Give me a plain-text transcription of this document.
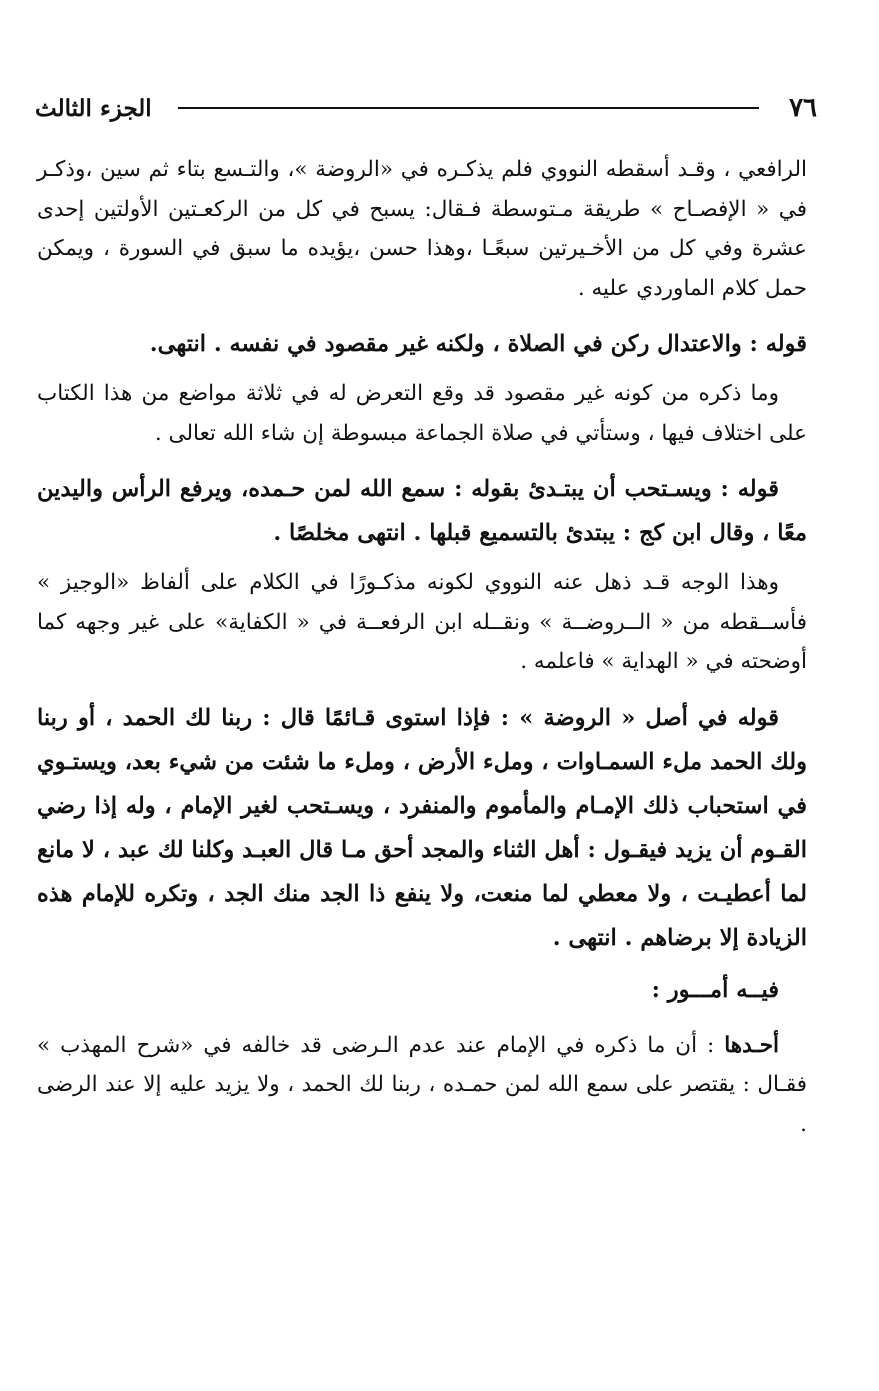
٧٦
الجزء الثالث

الرافعي ، وقـد أسقطه النووي فلم يذكـره في «الروضة »، والتـسع بتاء ثم سين ،وذكـر في « الإفصـاح » طريقة مـتوسطة فـقال: يسبح في كل من الركعـتين الأولتين إحدى عشرة وفي كل من الأخـيرتين سبعًـا ،وهذا حسن ،يؤيده ما سبق في السورة ، ويمكن حمل كلام الماوردي عليه .

قوله : والاعتدال ركن في الصلاة ، ولكنه غير مقصود في نفسه . انتهى.

وما ذكره من كونه غير مقصود قد وقع التعرض له في ثلاثة مواضع من هذا الكتاب على اختلاف فيها ، وستأتي في صلاة الجماعة مبسوطة إن شاء الله تعالى .

قوله : ويسـتحب أن يبتـدئ بقوله : سمع الله لمن حـمده، ويرفع الرأس واليدين معًا ، وقال ابن كج : يبتدئ بالتسميع قبلها . انتهى مخلصًا .

وهذا الوجه قـد ذهل عنه النووي لكونه مذكـورًا في الكلام على ألفاظ «الوجيز » فأســقطه من « الــروضــة » ونقــله ابن الرفعــة في « الكفاية» على غير وجهه كما أوضحته في « الهداية » فاعلمه .

قوله في أصل « الروضة » : فإذا استوى قـائمًا قال : ربنا لك الحمد ، أو ربنا ولك الحمد ملء السمـاوات ، وملء الأرض ، وملء ما شئت من شيء بعد، ويستـوي في استحباب ذلك الإمـام والمأموم والمنفرد ، ويسـتحب لغير الإمام ، وله إذا رضي القـوم أن يزيد فيقـول : أهل الثناء والمجد أحق مـا قال العبـد وكلنا لك عبد ، لا مانع لما أعطيـت ، ولا معطي لما منعت، ولا ينفع ذا الجد منك الجد ، وتكره للإمام هذه الزيادة إلا برضاهم . انتهى .

فيــه أمـــور :

أحـدها : أن ما ذكره في الإمام عند عدم الـرضى قد خالفه في «شرح المهذب » فقـال : يقتصر على سمع الله لمن حمـده ، ربنا لك الحمد ، ولا يزيد عليه إلا عند الرضى .
